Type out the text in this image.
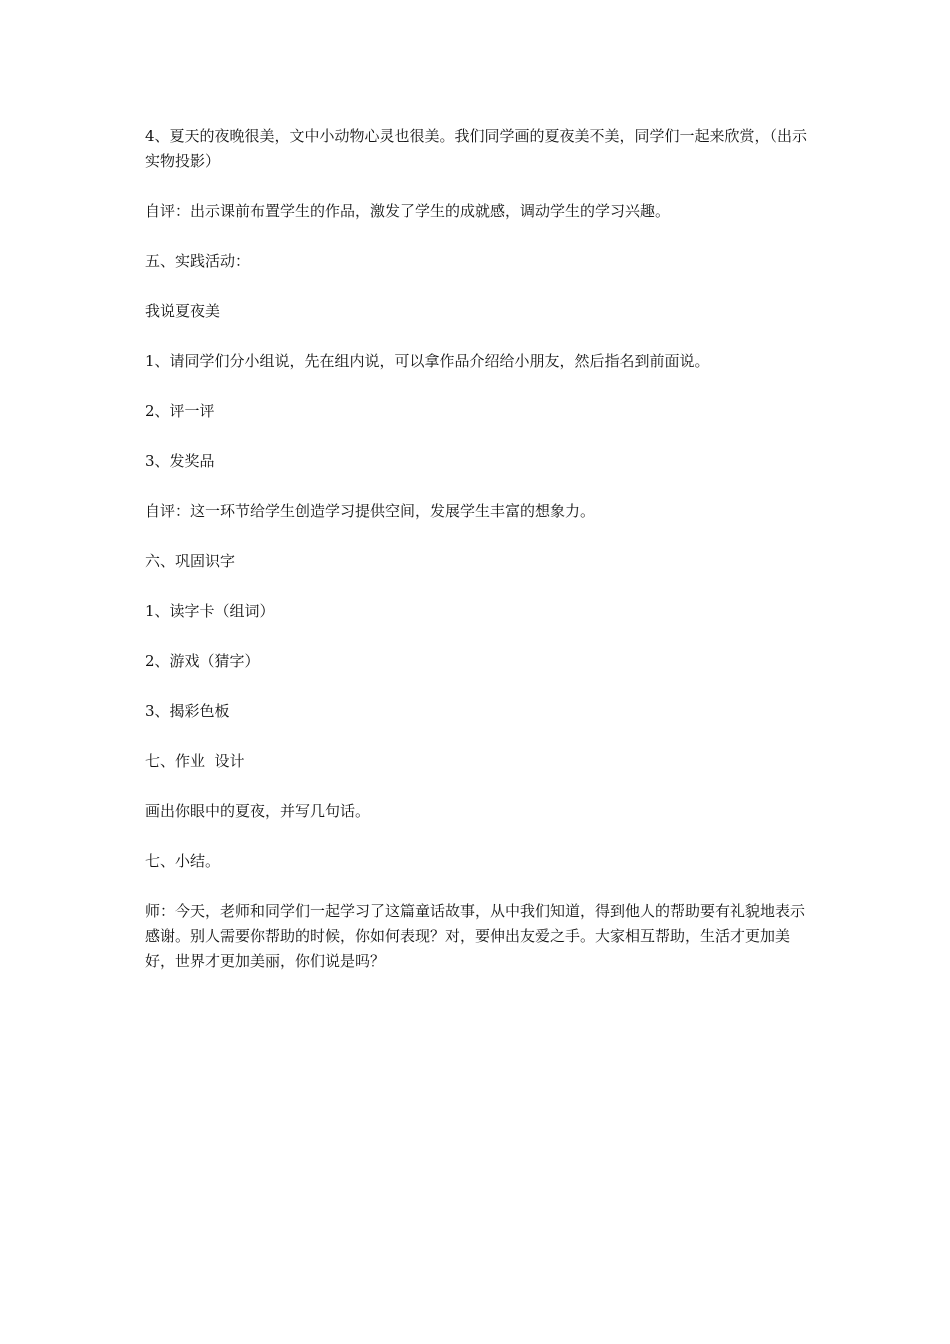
4、夏天的夜晚很美，文中小动物心灵也很美。我们同学画的夏夜美不美，同学们一起来欣赏，（出示实物投影）

自评：出示课前布置学生的作品，激发了学生的成就感，调动学生的学习兴趣。

五、实践活动：

我说夏夜美

1、请同学们分小组说，先在组内说，可以拿作品介绍给小朋友，然后指名到前面说。

2、评一评

3、发奖品

自评：这一环节给学生创造学习提供空间，发展学生丰富的想象力。

六、巩固识字

1、读字卡（组词）

2、游戏（猜字）

3、揭彩色板

七、作业  设计

画出你眼中的夏夜，并写几句话。

七、小结。

师：今天，老师和同学们一起学习了这篇童话故事，从中我们知道，得到他人的帮助要有礼貌地表示感谢。别人需要你帮助的时候，你如何表现？对，要伸出友爱之手。大家相互帮助，生活才更加美好，世界才更加美丽，你们说是吗？
